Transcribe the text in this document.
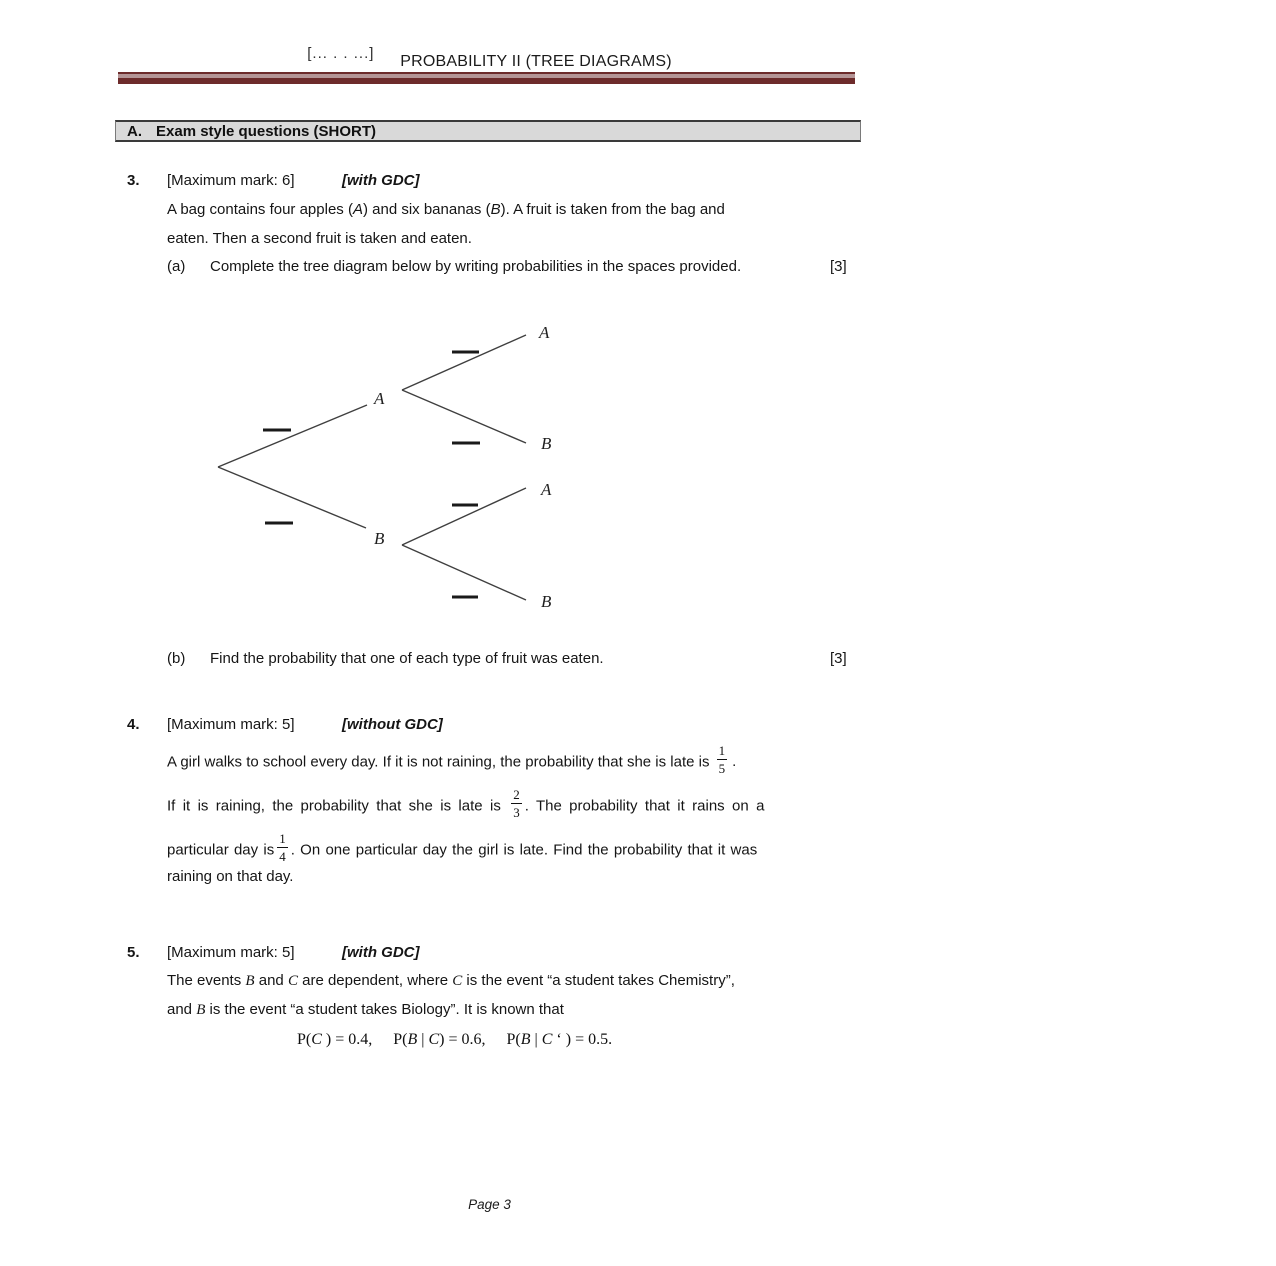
[... . . ...] PROBABILITY II (TREE DIAGRAMS)
A. Exam style questions (SHORT)
3. [Maximum mark: 6]	[with GDC]
A bag contains four apples (A) and six bananas (B). A fruit is taken from the bag and
eaten. Then a second fruit is taken and eaten.
(a) Complete the tree diagram below by writing probabilities in the spaces provided.	[3]
A
B
A
B
A
B
(b) Find the probability that one of each type of fruit was eaten.	[3]
4. [Maximum mark: 5]	[without GDC]
A girl walks to school every day. If it is not raining, the probability that she is late is $\frac{1}{5}$ .
If it is raining, the probability that she is late is $\frac{2}{3}$ . The probability that it rains on a
particular day is $\frac{1}{4}$ . On one particular day the girl is late. Find the probability that it was
raining on that day.
5. [Maximum mark: 5]	[with GDC]
The events B and C are dependent, where C is the event “a student takes Chemistry”,
and B is the event “a student takes Biology”. It is known that
P(C ) = 0.4, P(B | C) = 0.6, P(B | C ‘ ) = 0.5.
Page 3
